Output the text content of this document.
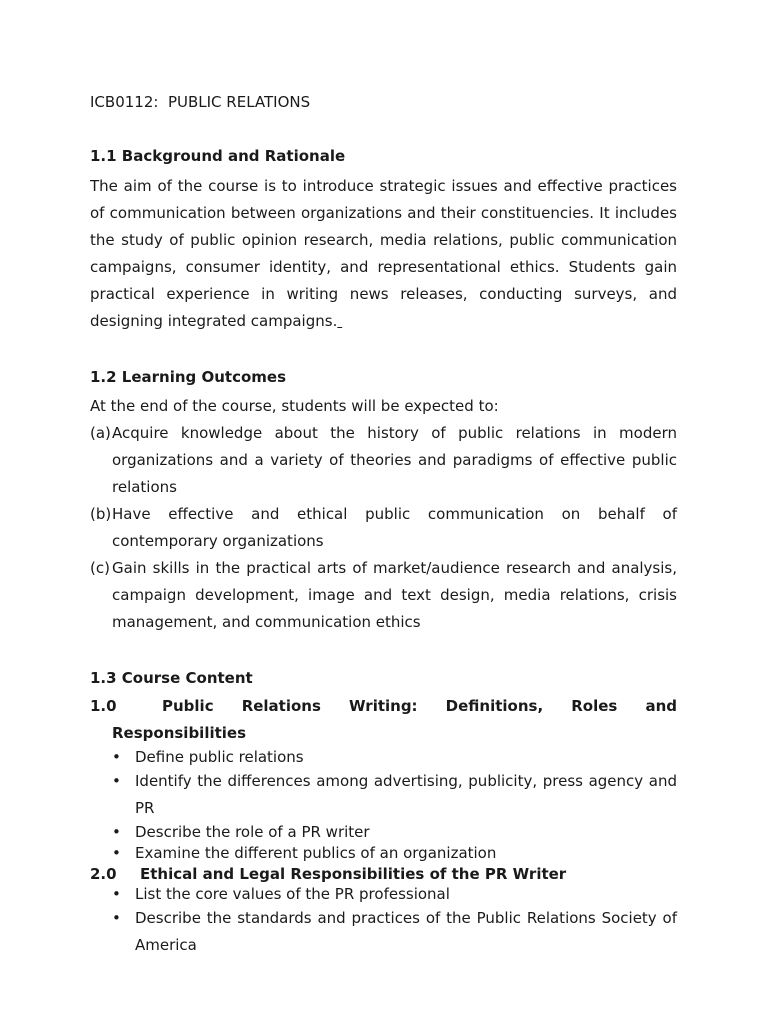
ICB0112:  PUBLIC RELATIONS
1.1 Background and Rationale

The aim of the course is to introduce strategic issues and effective practices of communication between organizations and their constituencies. It includes the study of public opinion research, media relations, public communication campaigns, consumer identity, and representational ethics. Students gain practical experience in writing news releases, conducting surveys, and designing integrated campaigns.

1.2 Learning Outcomes

At the end of the course, students will be expected to:

(a) Acquire knowledge about the history of public relations in modern organizations and a variety of theories and paradigms of effective public relations
(b) Have effective and ethical public communication on behalf of contemporary organizations
(c) Gain skills in the practical arts of market/audience research and analysis, campaign development, image and text design, media relations, crisis management, and communication ethics
1.3 Course Content
1.0	Public Relations Writing: Definitions, Roles and
Responsibilities
• Define public relations
• Identify the differences among advertising, publicity, press agency and PR
• Describe the role of a PR writer
• Examine the different publics of an organization
2.0	Ethical and Legal Responsibilities of the PR Writer
• List the core values of the PR professional
• Describe the standards and practices of the Public Relations Society of America
